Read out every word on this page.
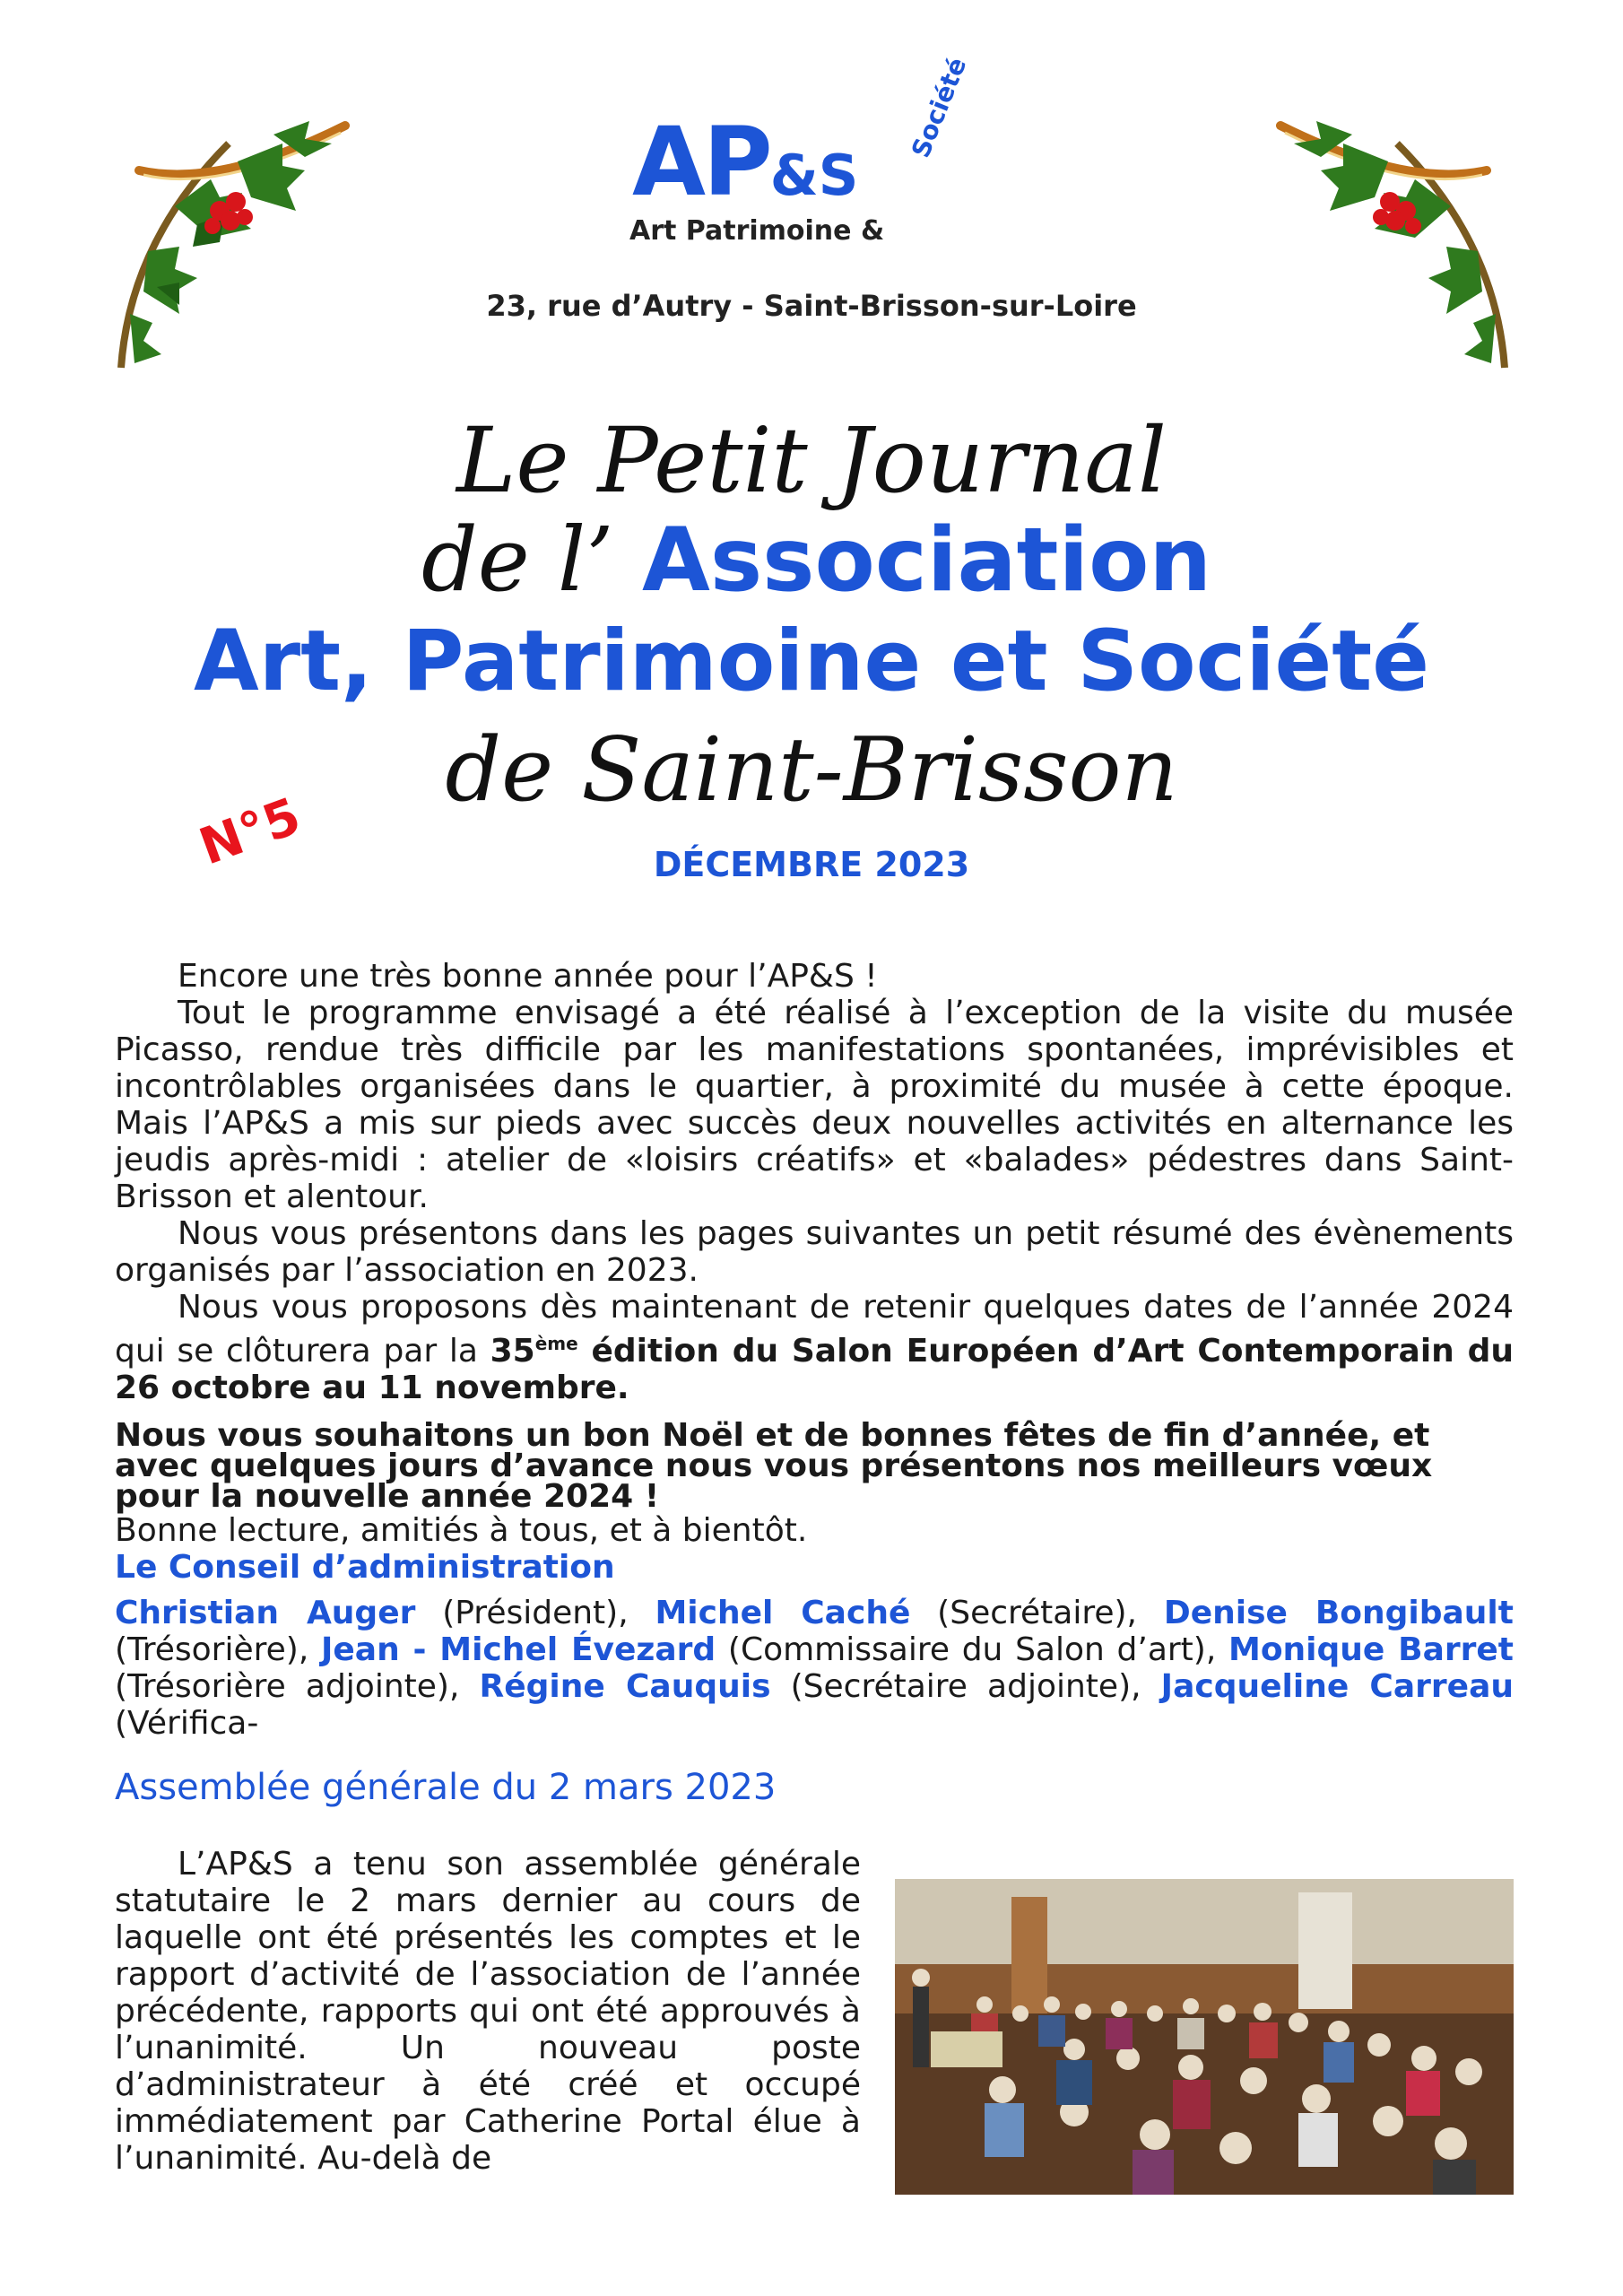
AP&S
Art Patrimoine &
Société
23, rue d’Autry - Saint-Brisson-sur-Loire
Le Petit Journal
de l’ Association
Art, Patrimoine et Société
de Saint-Brisson
N°5	DÉCEMBRE 2023

Encore une très bonne année pour l’AP&S !

Tout le programme envisagé a été réalisé à l’exception de la visite du musée Picasso, rendue très difficile par les manifestations spontanées, imprévisibles et incontrôlables organisées dans le quartier, à proximité du musée à cette époque. Mais l’AP&S a mis sur pieds avec succès deux nouvelles activités en alternance les jeudis après-midi : atelier de «loisirs créatifs» et «balades» pédestres dans Saint-Brisson et alentour.

Nous vous présentons dans les pages suivantes un petit résumé des évènements organisés par l’association en 2023.

Nous vous proposons dès maintenant de retenir quelques dates de l’année 2024 qui se clôturera par la 35ème édition du Salon Européen d’Art Contemporain du 26 octobre au 11 novembre.

Nous vous souhaitons un bon Noël et de bonnes fêtes de fin d’année, et avec quelques jours d’avance nous vous présentons nos meilleurs vœux pour la nouvelle année 2024 !

Bonne lecture, amitiés à tous, et à bientôt.

Le Conseil d’administration

Christian Auger (Président), Michel Caché (Secrétaire), Denise Bongibault (Trésorière), Jean - Michel Évezard (Commissaire du Salon d’art), Monique Barret (Trésorière adjointe), Régine Cauquis (Secrétaire adjointe), Jacqueline Carreau (Vérifica-

Assemblée générale du 2 mars 2023

L’AP&S a tenu son assemblée générale statutaire le 2 mars dernier au cours de laquelle ont été présentés les comptes et le rapport d’activité de l’association de l’année précédente, rapports qui ont été approuvés à l’unanimité. Un nouveau poste d’administrateur à été créé et occupé immédiatement par Catherine Portal élue à l’unanimité. Au-delà de
